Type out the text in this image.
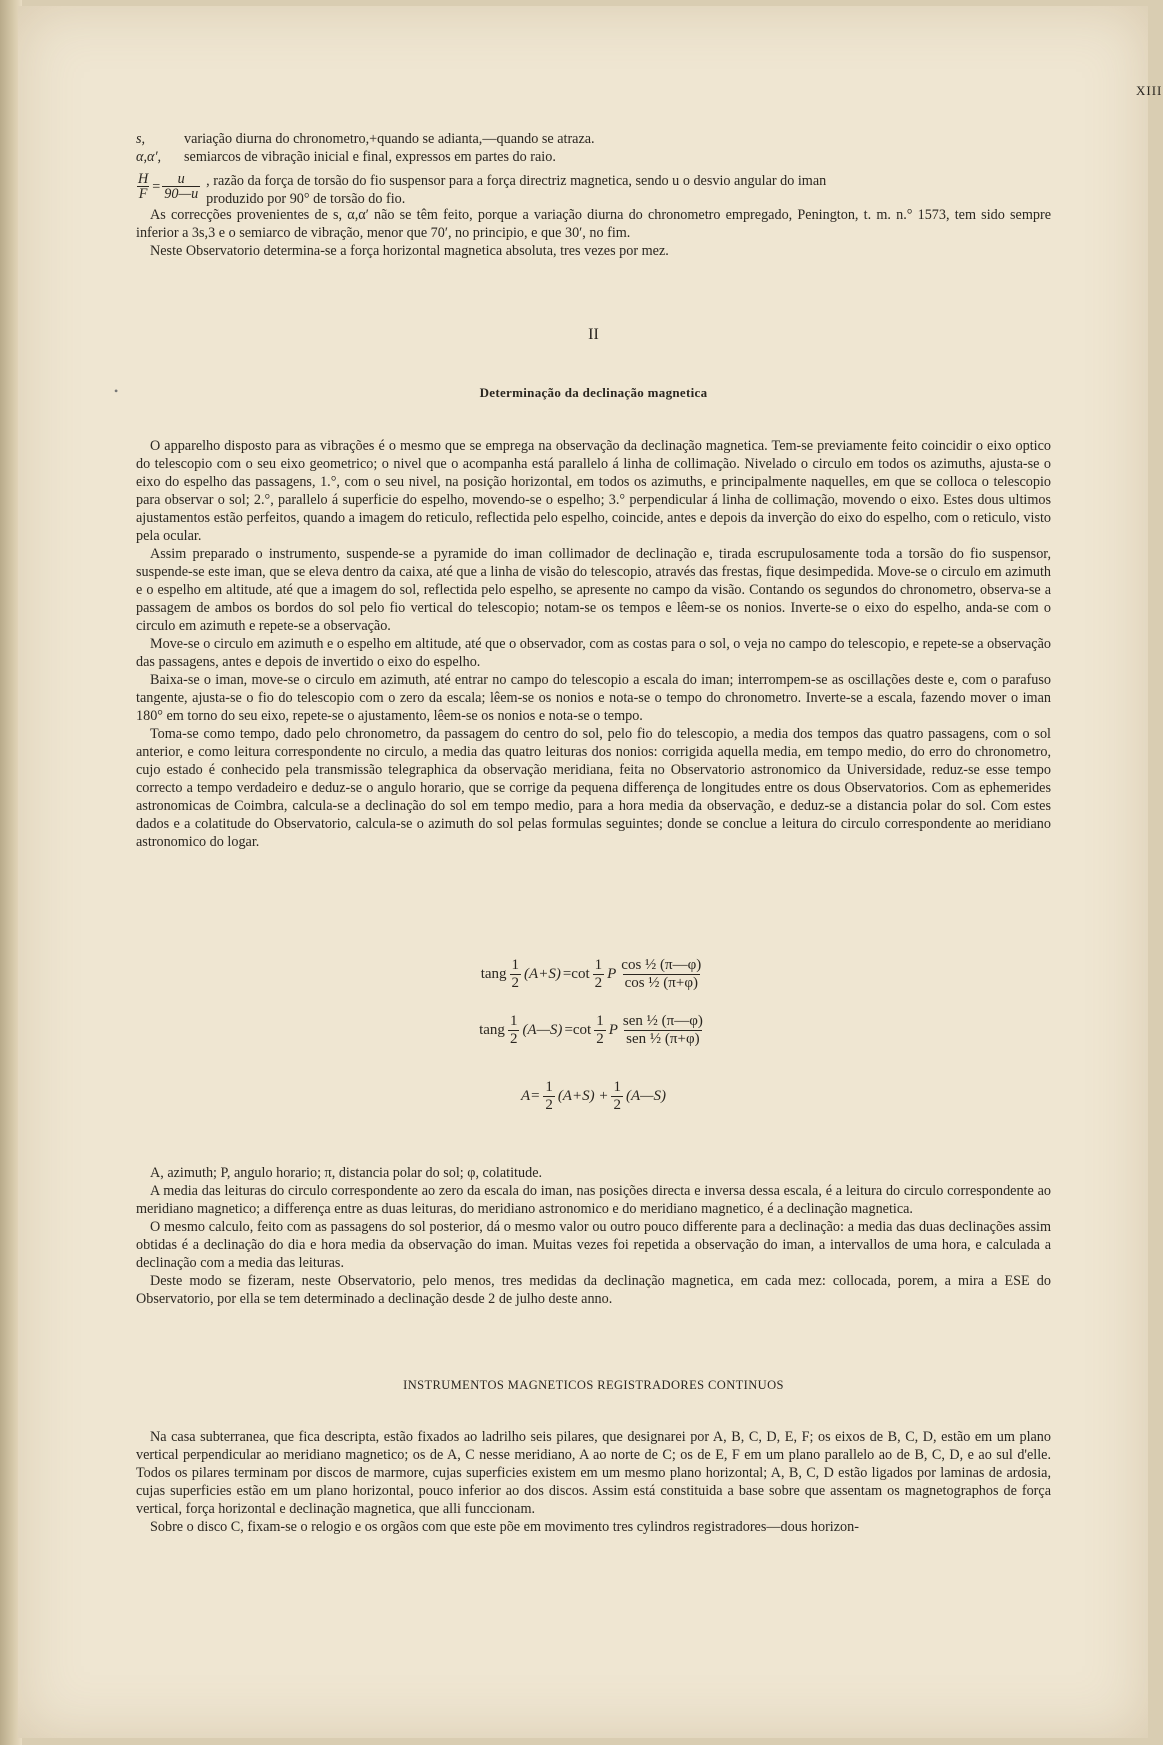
•
XIII
s,	variação diurna do chronometro,+quando se adianta,—quando se atraza.
α,α′,	semiarcos de vibração inicial e final, expressos em partes do raio.
$\frac{H}{F} = \frac{u}{90—u}$ , razão da força de torsão do fio suspensor para a força directriz magnetica, sendo u o desvio angular do iman
produzido por 90° de torsão do fio.

As correcções provenientes de s, α,α′ não se têm feito, porque a variação diurna do chronometro empregado, Penington, t. m. n.° 1573, tem sido sempre inferior a 3s,3 e o semiarco de vibração, menor que 70′, no principio, e que 30′, no fim.

Neste Observatorio determina-se a força horizontal magnetica absoluta, tres vezes por mez.

II
Determinação da declinação magnetica

O apparelho disposto para as vibrações é o mesmo que se emprega na observação da declinação magnetica. Tem-se previamente feito coincidir o eixo optico do telescopio com o seu eixo geometrico; o nivel que o acompanha está parallelo á linha de collimação. Nivelado o circulo em todos os azimuths, ajusta-se o eixo do espelho das passagens, 1.°, com o seu nivel, na posição horizontal, em todos os azimuths, e principalmente naquelles, em que se colloca o telescopio para observar o sol; 2.°, parallelo á superficie do espelho, movendo-se o espelho; 3.° perpendicular á linha de collimação, movendo o eixo. Estes dous ultimos ajustamentos estão perfeitos, quando a imagem do reticulo, reflectida pelo espelho, coincide, antes e depois da inverção do eixo do espelho, com o reticulo, visto pela ocular.

Assim preparado o instrumento, suspende-se a pyramide do iman collimador de declinação e, tirada escrupulosamente toda a torsão do fio suspensor, suspende-se este iman, que se eleva dentro da caixa, até que a linha de visão do telescopio, através das frestas, fique desimpedida. Move-se o circulo em azimuth e o espelho em altitude, até que a imagem do sol, reflectida pelo espelho, se apresente no campo da visão. Contando os segundos do chronometro, observa-se a passagem de ambos os bordos do sol pelo fio vertical do telescopio; notam-se os tempos e lêem-se os nonios. Inverte-se o eixo do espelho, anda-se com o circulo em azimuth e repete-se a observação.

Move-se o circulo em azimuth e o espelho em altitude, até que o observador, com as costas para o sol, o veja no campo do telescopio, e repete-se a observação das passagens, antes e depois de invertido o eixo do espelho.

Baixa-se o iman, move-se o circulo em azimuth, até entrar no campo do telescopio a escala do iman; interrompem-se as oscillações deste e, com o parafuso tangente, ajusta-se o fio do telescopio com o zero da escala; lêem-se os nonios e nota-se o tempo do chronometro. Inverte-se a escala, fazendo mover o iman 180° em torno do seu eixo, repete-se o ajustamento, lêem-se os nonios e nota-se o tempo.

Toma-se como tempo, dado pelo chronometro, da passagem do centro do sol, pelo fio do telescopio, a media dos tempos das quatro passagens, com o sol anterior, e como leitura correspondente no circulo, a media das quatro leituras dos nonios: corrigida aquella media, em tempo medio, do erro do chronometro, cujo estado é conhecido pela transmissão telegraphica da observação meridiana, feita no Observatorio astronomico da Universidade, reduz-se esse tempo correcto a tempo verdadeiro e deduz-se o angulo horario, que se corrige da pequena differença de longitudes entre os dous Observatorios. Com as ephemerides astronomicas de Coimbra, calcula-se a declinação do sol em tempo medio, para a hora media da observação, e deduz-se a distancia polar do sol. Com estes dados e a colatitude do Observatorio, calcula-se o azimuth do sol pelas formulas seguintes; donde se conclue a leitura do circulo correspondente ao meridiano astronomico do logar.

tang $\frac{1}{2} (A+S) =\cot \frac{1}{2}$ P $\frac{\text{cos ½ (π—φ)}}{\text{cos ½ (π+φ)}}$
tang $\frac{1}{2}$ (A—S) $=\cot \frac{1}{2}$ P $\frac{\text{sen ½ (π—φ)}}{\text{sen ½ (π+φ)}}$
$A= \frac{1}{2} (A+S) + \frac{1}{2}$ (A—S)

A, azimuth; P, angulo horario; π, distancia polar do sol; φ, colatitude.

A media das leituras do circulo correspondente ao zero da escala do iman, nas posições directa e inversa dessa escala, é a leitura do circulo correspondente ao meridiano magnetico; a differença entre as duas leituras, do meridiano astronomico e do meridiano magnetico, é a declinação magnetica.

O mesmo calculo, feito com as passagens do sol posterior, dá o mesmo valor ou outro pouco differente para a declinação: a media das duas declinações assim obtidas é a declinação do dia e hora media da observação do iman. Muitas vezes foi repetida a observação do iman, a intervallos de uma hora, e calculada a declinação com a media das leituras.

Deste modo se fizeram, neste Observatorio, pelo menos, tres medidas da declinação magnetica, em cada mez: collocada, porem, a mira a ESE do Observatorio, por ella se tem determinado a declinação desde 2 de julho deste anno.

INSTRUMENTOS MAGNETICOS REGISTRADORES CONTINUOS

Na casa subterranea, que fica descripta, estão fixados ao ladrilho seis pilares, que designarei por A, B, C, D, E, F; os eixos de B, C, D, estão em um plano vertical perpendicular ao meridiano magnetico; os de A, C nesse meridiano, A ao norte de C; os de E, F em um plano parallelo ao de B, C, D, e ao sul d'elle. Todos os pilares terminam por discos de marmore, cujas superficies existem em um mesmo plano horizontal; A, B, C, D estão ligados por laminas de ardosia, cujas superficies estão em um plano horizontal, pouco inferior ao dos discos. Assim está constituida a base sobre que assentam os magnetographos de força vertical, força horizontal e declinação magnetica, que alli funccionam.

Sobre o disco C, fixam-se o relogio e os orgãos com que este põe em movimento tres cylindros registradores—dous horizon-
